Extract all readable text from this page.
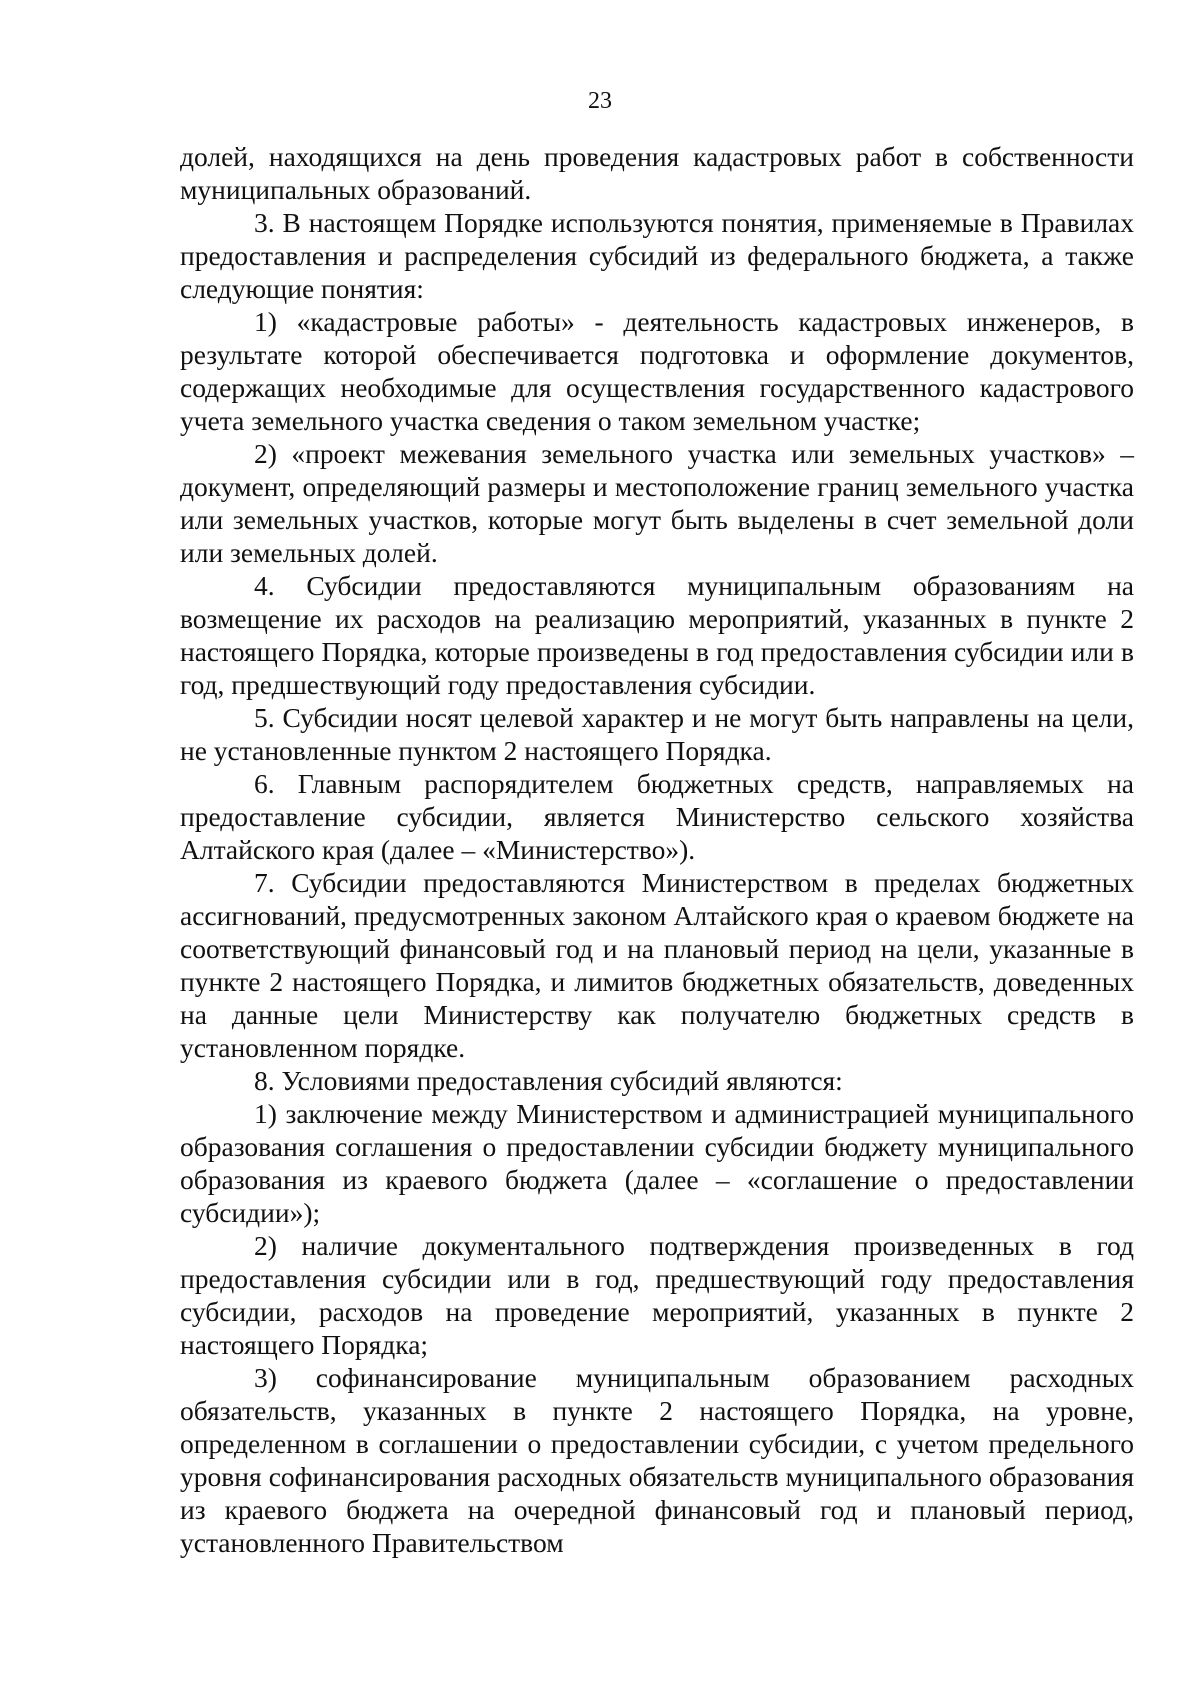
23

долей, находящихся на день проведения кадастровых работ в собственности муниципальных образований.

3. В настоящем Порядке используются понятия, применяемые в Правилах предоставления и распределения субсидий из федерального бюджета, а также следующие понятия:

1) «кадастровые работы» - деятельность кадастровых инженеров, в результате которой обеспечивается подготовка и оформление документов, содержащих необходимые для осуществления государственного кадастрового учета земельного участка сведения о таком земельном участке;

2) «проект межевания земельного участка или земельных участков» – документ, определяющий размеры и местоположение границ земельного участка или земельных участков, которые могут быть выделены в счет земельной доли или земельных долей.

4. Субсидии предоставляются муниципальным образованиям на возмещение их расходов на реализацию мероприятий, указанных в пункте 2 настоящего Порядка, которые произведены в год предоставления субсидии или в год, предшествующий году предоставления субсидии.

5. Субсидии носят целевой характер и не могут быть направлены на цели, не установленные пунктом 2 настоящего Порядка.

6. Главным распорядителем бюджетных средств, направляемых на предоставление субсидии, является Министерство сельского хозяйства Алтайского края (далее – «Министерство»).

7. Субсидии предоставляются Министерством в пределах бюджетных ассигнований, предусмотренных законом Алтайского края о краевом бюджете на соответствующий финансовый год и на плановый период на цели, указанные в пункте 2 настоящего Порядка, и лимитов бюджетных обязательств, доведенных на данные цели Министерству как получателю бюджетных средств в установленном порядке.

8. Условиями предоставления субсидий являются:

1) заключение между Министерством и администрацией муниципального образования соглашения о предоставлении субсидии бюджету муниципального образования из краевого бюджета (далее – «соглашение о предоставлении субсидии»);

2) наличие документального подтверждения произведенных в год предоставления субсидии или в год, предшествующий году предоставления субсидии, расходов на проведение мероприятий, указанных в пункте 2 настоящего Порядка;

3) софинансирование муниципальным образованием расходных обязательств, указанных в пункте 2 настоящего Порядка, на уровне, определенном в соглашении о предоставлении субсидии, с учетом предельного уровня софинансирования расходных обязательств муниципального образования из краевого бюджета на очередной финансовый год и плановый период, установленного Правительством
